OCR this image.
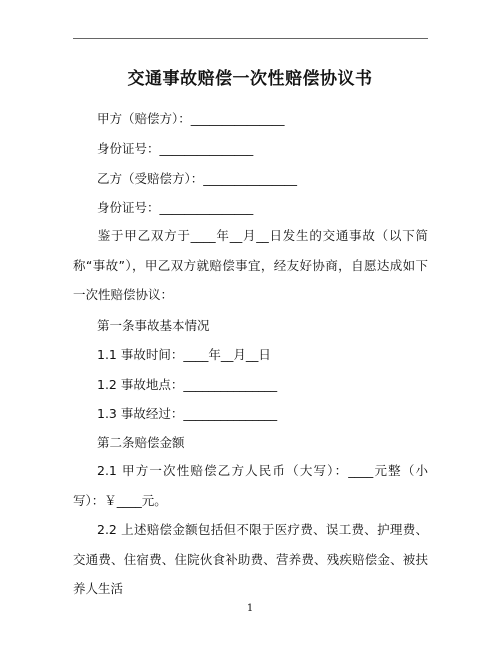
交通事故赔偿一次性赔偿协议书
甲方（赔偿方）：_______________
身份证号：_______________
乙方（受赔偿方）：_______________
身份证号：_______________
鉴于甲乙双方于____年__月__日发生的交通事故（以下简称“事故”），甲乙双方就赔偿事宜，经友好协商，自愿达成如下一次性赔偿协议：
第一条事故基本情况
1.1 事故时间：____年__月__日
1.2 事故地点：_______________
1.3 事故经过：_______________
第二条赔偿金额
2.1 甲方一次性赔偿乙方人民币（大写）：____元整（小写）：￥____元。
2.2 上述赔偿金额包括但不限于医疗费、误工费、护理费、交通费、住宿费、住院伙食补助费、营养费、残疾赔偿金、被扶养人生活
1
